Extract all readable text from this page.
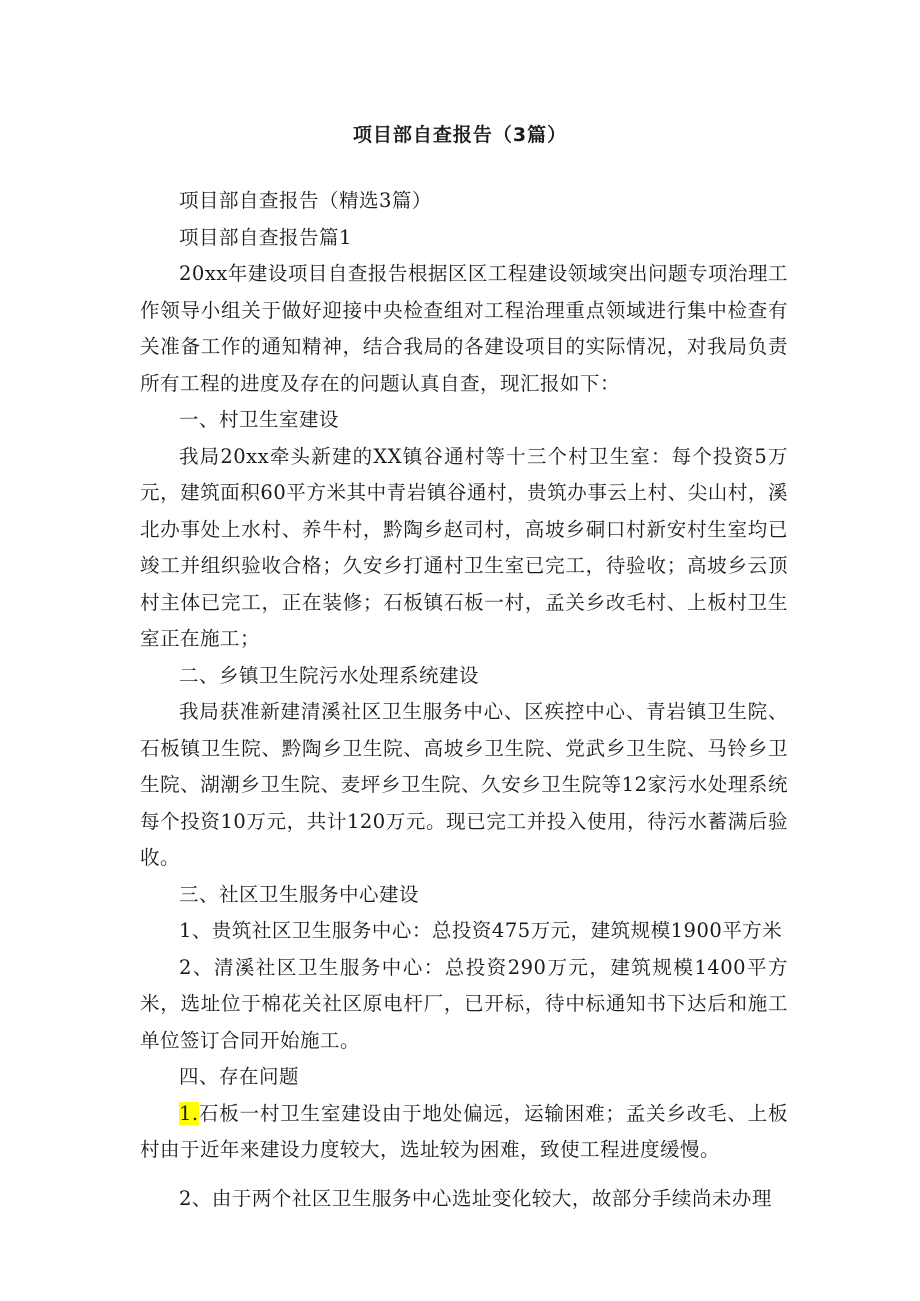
项目部自查报告（3篇）

项目部自查报告（精选3篇）

项目部自查报告篇1

20xx年建设项目自查报告根据区区工程建设领域突出问题专项治理工作领导小组关于做好迎接中央检查组对工程治理重点领域进行集中检查有关准备工作的通知精神，结合我局的各建设项目的实际情况，对我局负责所有工程的进度及存在的问题认真自查，现汇报如下：

一、村卫生室建设

我局20xx牵头新建的XX镇谷通村等十三个村卫生室：每个投资5万元，建筑面积60平方米其中青岩镇谷通村，贵筑办事云上村、尖山村，溪北办事处上水村、养牛村，黔陶乡赵司村，高坡乡硐口村新安村生室均已竣工并组织验收合格；久安乡打通村卫生室已完工，待验收；高坡乡云顶村主体已完工，正在装修；石板镇石板一村，孟关乡改毛村、上板村卫生室正在施工；

二、乡镇卫生院污水处理系统建设

我局获准新建清溪社区卫生服务中心、区疾控中心、青岩镇卫生院、石板镇卫生院、黔陶乡卫生院、高坡乡卫生院、党武乡卫生院、马铃乡卫生院、湖潮乡卫生院、麦坪乡卫生院、久安乡卫生院等12家污水处理系统每个投资10万元，共计120万元。现已完工并投入使用，待污水蓄满后验收。

三、社区卫生服务中心建设

1、贵筑社区卫生服务中心：总投资475万元，建筑规模1900平方米

2、清溪社区卫生服务中心：总投资290万元，建筑规模1400平方米，选址位于棉花关社区原电杆厂，已开标，待中标通知书下达后和施工单位签订合同开始施工。

四、存在问题

1.石板一村卫生室建设由于地处偏远，运输困难；孟关乡改毛、上板村由于近年来建设力度较大，选址较为困难，致使工程进度缓慢。

2、由于两个社区卫生服务中心选址变化较大，故部分手续尚未办理
